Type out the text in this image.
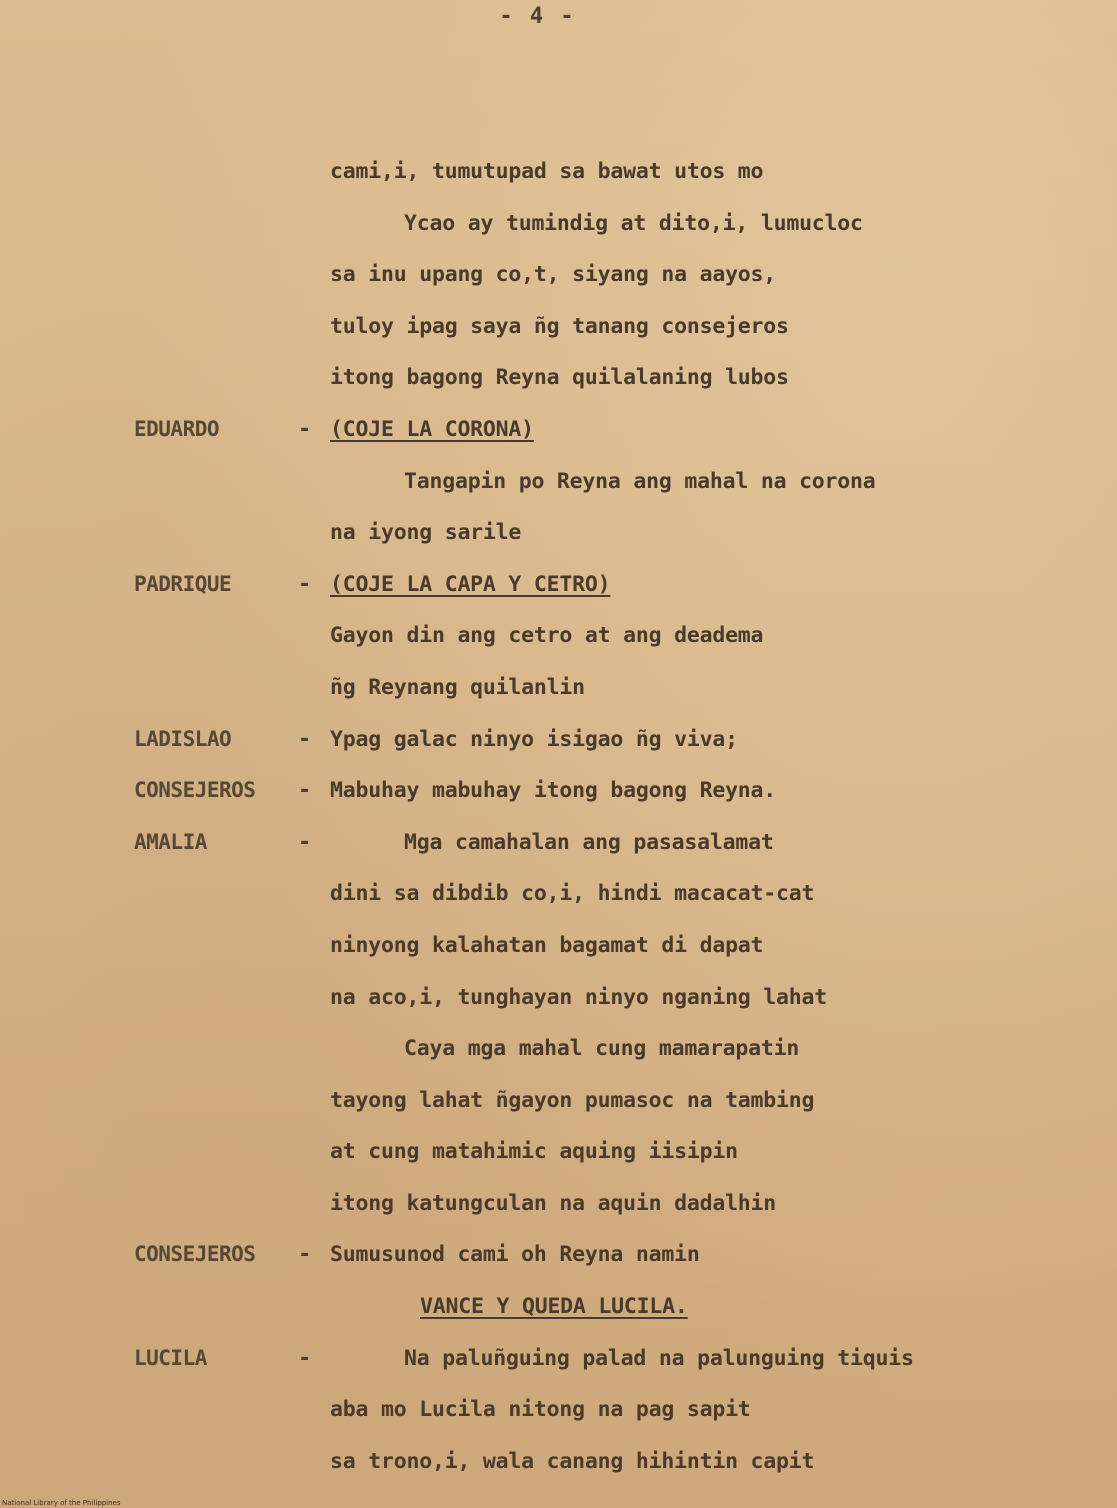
- 4 -
cami,i, tumutupad sa bawat utos mo
Ycao ay tumindig at dito,i, lumucloc
sa inu upang co,t, siyang na aayos,
tuloy ipag saya ñg tanang consejeros
itong bagong Reyna quilalaning lubos
EDUARDO	- (COJE LA CORONA)
Tangapin po Reyna ang mahal na corona
na iyong sarile
PADRIQUE	- (COJE LA CAPA Y CETRO)
Gayon din ang cetro at ang deadema
ñg Reynang quilanlin
LADISLAO	- Ypag galac ninyo isigao ñg viva;
CONSEJEROS - Mabuhay mabuhay itong bagong Reyna.
AMALIA	-	Mga camahalan ang pasasalamat
dini sa dibdib co,i, hindi macacat-cat
ninyong kalahatan bagamat di dapat
na aco,i, tunghayan ninyo nganing lahat
Caya mga mahal cung mamarapatin
tayong lahat ñgayon pumasoc na tambing
at cung matahimic aquing iisipin
itong katungculan na aquin dadalhin
CONSEJEROS - Sumusunod cami oh Reyna namin
VANCE Y QUEDA LUCILA.
LUCILA	-	Na paluñguing palad na palunguing tiquis
aba mo Lucila nitong na pag sapit
sa trono,i, wala canang hihintin capit
National Library of the Philippines
